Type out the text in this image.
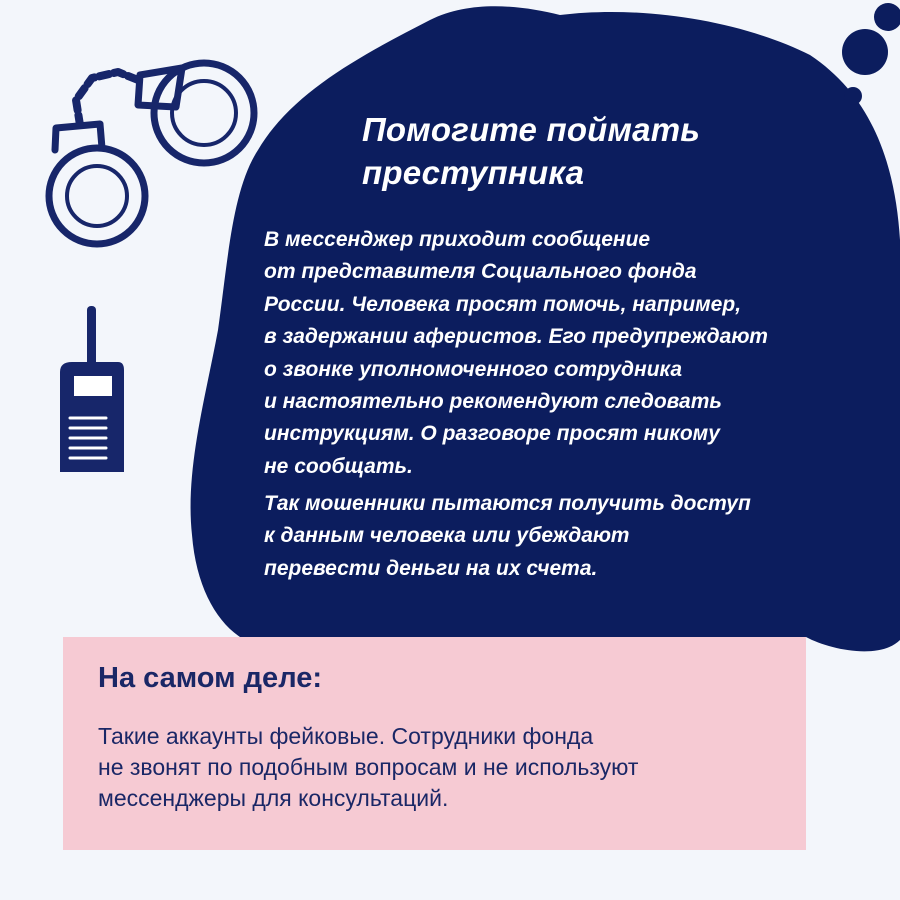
Помогите поймать
преступника

В мессенджер приходит сообщение
от представителя Социального фонда
России. Человека просят помочь, например,
в задержании аферистов. Его предупреждают
о звонке уполномоченного сотрудника
и настоятельно рекомендуют следовать
инструкциям. О разговоре просят никому
не сообщать.

Так мошенники пытаются получить доступ
к данным человека или убеждают
перевести деньги на их счета.

На самом деле:

Такие аккаунты фейковые. Сотрудники фонда
не звонят по подобным вопросам и не используют
мессенджеры для консультаций.
